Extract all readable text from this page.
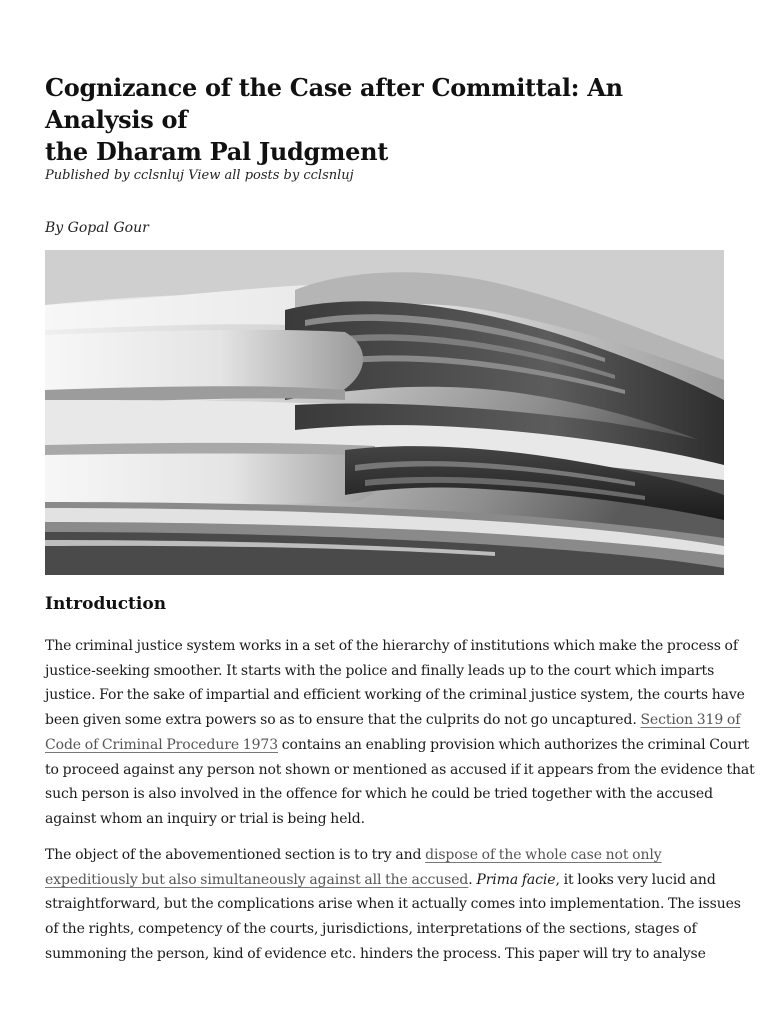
Cognizance of the Case after Committal: An Analysis of
the Dharam Pal Judgment
Published by cclsnluj View all posts by cclsnluj
By Gopal Gour
Introduction

The criminal justice system works in a set of the hierarchy of institutions which make the process of
justice-seeking smoother. It starts with the police and finally leads up to the court which imparts
justice. For the sake of impartial and efficient working of the criminal justice system, the courts have
been given some extra powers so as to ensure that the culprits do not go uncaptured. Section 319 of
Code of Criminal Procedure 1973 contains an enabling provision which authorizes the criminal Court
to proceed against any person not shown or mentioned as accused if it appears from the evidence that
such person is also involved in the offence for which he could be tried together with the accused
against whom an inquiry or trial is being held.

The object of the abovementioned section is to try and dispose of the whole case not only
expeditiously but also simultaneously against all the accused. Prima facie, it looks very lucid and
straightforward, but the complications arise when it actually comes into implementation. The issues
of the rights, competency of the courts, jurisdictions, interpretations of the sections, stages of
summoning the person, kind of evidence etc. hinders the process. This paper will try to analyse
